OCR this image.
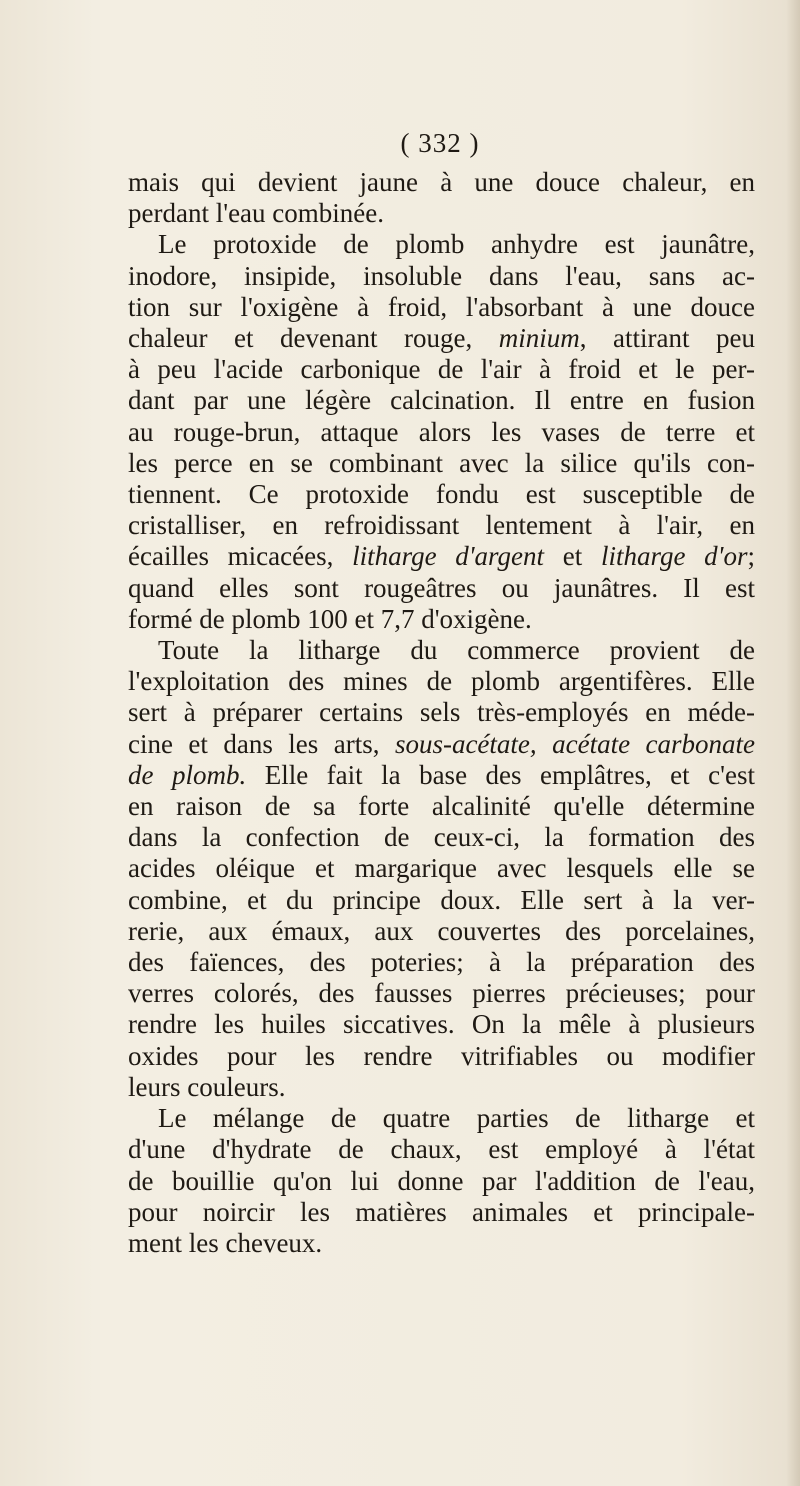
( 332 )
mais qui devient jaune à une douce chaleur, en
perdant l'eau combinée.
Le protoxide de plomb anhydre est jaunâtre,
inodore, insipide, insoluble dans l'eau, sans ac-
tion sur l'oxigène à froid, l'absorbant à une douce
chaleur et devenant rouge, minium, attirant peu
à peu l'acide carbonique de l'air à froid et le per-
dant par une légère calcination. Il entre en fusion
au rouge-brun, attaque alors les vases de terre et
les perce en se combinant avec la silice qu'ils con-
tiennent. Ce protoxide fondu est susceptible de
cristalliser, en refroidissant lentement à l'air, en
écailles micacées, litharge d'argent et litharge d'or;
quand elles sont rougeâtres ou jaunâtres. Il est
formé de plomb 100 et 7,7 d'oxigène.
Toute la litharge du commerce provient de
l'exploitation des mines de plomb argentifères. Elle
sert à préparer certains sels très-employés en méde-
cine et dans les arts, sous-acétate, acétate carbonate
de plomb. Elle fait la base des emplâtres, et c'est
en raison de sa forte alcalinité qu'elle détermine
dans la confection de ceux-ci, la formation des
acides oléique et margarique avec lesquels elle se
combine, et du principe doux. Elle sert à la ver-
rerie, aux émaux, aux couvertes des porcelaines,
des faïences, des poteries; à la préparation des
verres colorés, des fausses pierres précieuses; pour
rendre les huiles siccatives. On la mêle à plusieurs
oxides pour les rendre vitrifiables ou modifier
leurs couleurs.
Le mélange de quatre parties de litharge et
d'une d'hydrate de chaux, est employé à l'état
de bouillie qu'on lui donne par l'addition de l'eau,
pour noircir les matières animales et principale-
ment les cheveux.
